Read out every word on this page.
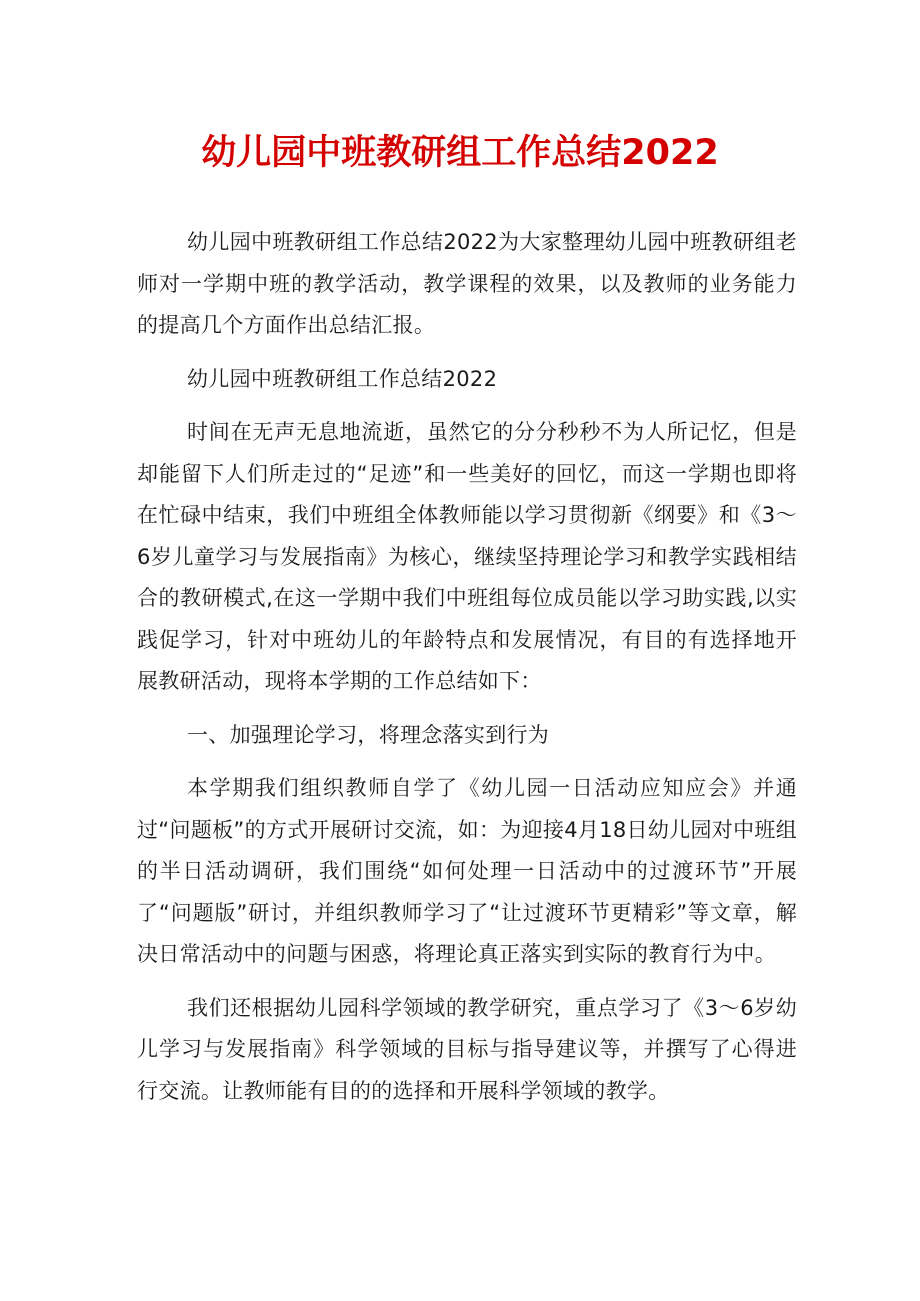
幼儿园中班教研组工作总结2022

幼儿园中班教研组工作总结2022为大家整理幼儿园中班教研组老师对一学期中班的教学活动，教学课程的效果，以及教师的业务能力的提高几个方面作出总结汇报。

幼儿园中班教研组工作总结2022

时间在无声无息地流逝，虽然它的分分秒秒不为人所记忆，但是却能留下人们所走过的“足迹”和一些美好的回忆，而这一学期也即将在忙碌中结束，我们中班组全体教师能以学习贯彻新《纲要》和《3～6岁儿童学习与发展指南》为核心，继续坚持理论学习和教学实践相结合的教研模式,在这一学期中我们中班组每位成员能以学习助实践,以实践促学习，针对中班幼儿的年龄特点和发展情况，有目的有选择地开展教研活动，现将本学期的工作总结如下：

一、加强理论学习，将理念落实到行为

本学期我们组织教师自学了《幼儿园一日活动应知应会》并通过“问题板”的方式开展研讨交流，如：为迎接4月18日幼儿园对中班组的半日活动调研，我们围绕“如何处理一日活动中的过渡环节”开展了“问题版”研讨，并组织教师学习了“让过渡环节更精彩”等文章，解决日常活动中的问题与困惑，将理论真正落实到实际的教育行为中。

我们还根据幼儿园科学领域的教学研究，重点学习了《3～6岁幼儿学习与发展指南》科学领域的目标与指导建议等，并撰写了心得进行交流。让教师能有目的的选择和开展科学领域的教学。
